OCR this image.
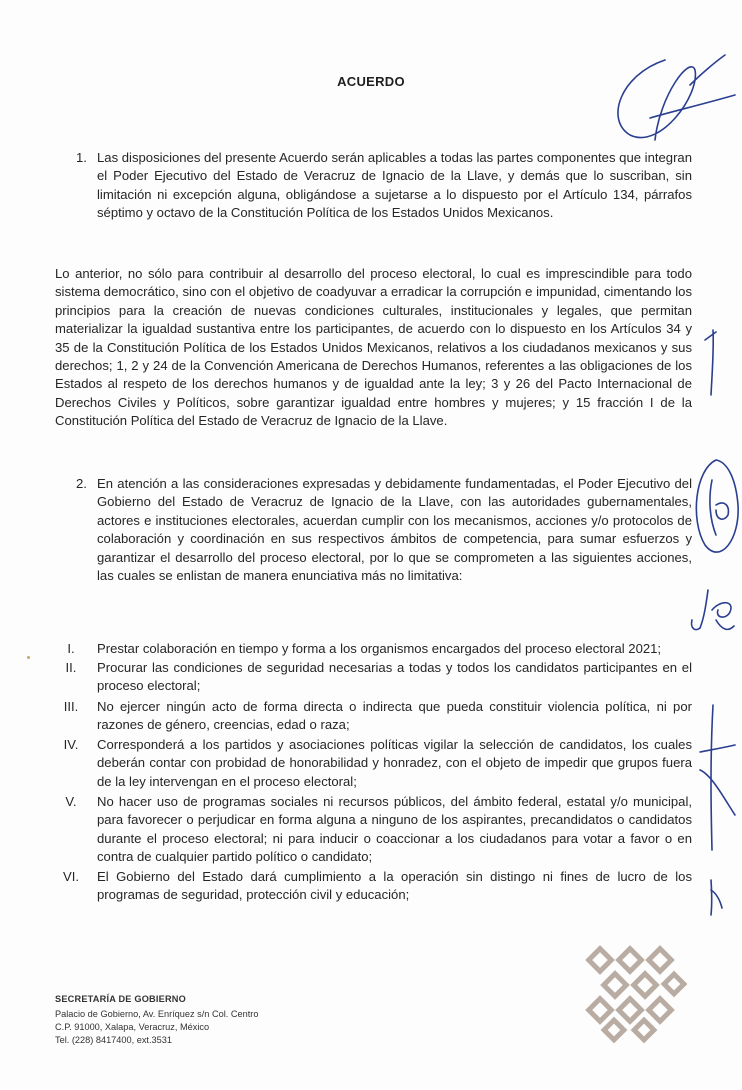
ACUERDO
1. Las disposiciones del presente Acuerdo serán aplicables a todas las partes componentes que integran el Poder Ejecutivo del Estado de Veracruz de Ignacio de la Llave, y demás que lo suscriban, sin limitación ni excepción alguna, obligándose a sujetarse a lo dispuesto por el Artículo 134, párrafos séptimo y octavo de la Constitución Política de los Estados Unidos Mexicanos.
Lo anterior, no sólo para contribuir al desarrollo del proceso electoral, lo cual es imprescindible para todo sistema democrático, sino con el objetivo de coadyuvar a erradicar la corrupción e impunidad, cimentando los principios para la creación de nuevas condiciones culturales, institucionales y legales, que permitan materializar la igualdad sustantiva entre los participantes, de acuerdo con lo dispuesto en los Artículos 34 y 35 de la Constitución Política de los Estados Unidos Mexicanos, relativos a los ciudadanos mexicanos y sus derechos; 1, 2 y 24 de la Convención Americana de Derechos Humanos, referentes a las obligaciones de los Estados al respeto de los derechos humanos y de igualdad ante la ley; 3 y 26 del Pacto Internacional de Derechos Civiles y Políticos, sobre garantizar igualdad entre hombres y mujeres; y 15 fracción I de la Constitución Política del Estado de Veracruz de Ignacio de la Llave.
2. En atención a las consideraciones expresadas y debidamente fundamentadas, el Poder Ejecutivo del Gobierno del Estado de Veracruz de Ignacio de la Llave, con las autoridades gubernamentales, actores e instituciones electorales, acuerdan cumplir con los mecanismos, acciones y/o protocolos de colaboración y coordinación en sus respectivos ámbitos de competencia, para sumar esfuerzos y garantizar el desarrollo del proceso electoral, por lo que se comprometen a las siguientes acciones, las cuales se enlistan de manera enunciativa más no limitativa:
I.	Prestar colaboración en tiempo y forma a los organismos encargados del proceso electoral 2021;
II.	Procurar las condiciones de seguridad necesarias a todas y todos los candidatos participantes en el proceso electoral;
III.	No ejercer ningún acto de forma directa o indirecta que pueda constituir violencia política, ni por razones de género, creencias, edad o raza;
IV.	Corresponderá a los partidos y asociaciones políticas vigilar la selección de candidatos, los cuales deberán contar con probidad de honorabilidad y honradez, con el objeto de impedir que grupos fuera de la ley intervengan en el proceso electoral;
V.	No hacer uso de programas sociales ni recursos públicos, del ámbito federal, estatal y/o municipal, para favorecer o perjudicar en forma alguna a ninguno de los aspirantes, precandidatos o candidatos durante el proceso electoral; ni para inducir o coaccionar a los ciudadanos para votar a favor o en contra de cualquier partido político o candidato;
VI.	El Gobierno del Estado dará cumplimiento a la operación sin distingo ni fines de lucro de los programas de seguridad, protección civil y educación;
SECRETARÍA DE GOBIERNO
Palacio de Gobierno, Av. Enríquez s/n Col. Centro
C.P. 91000, Xalapa, Veracruz, México
Tel. (228) 8417400, ext.3531
